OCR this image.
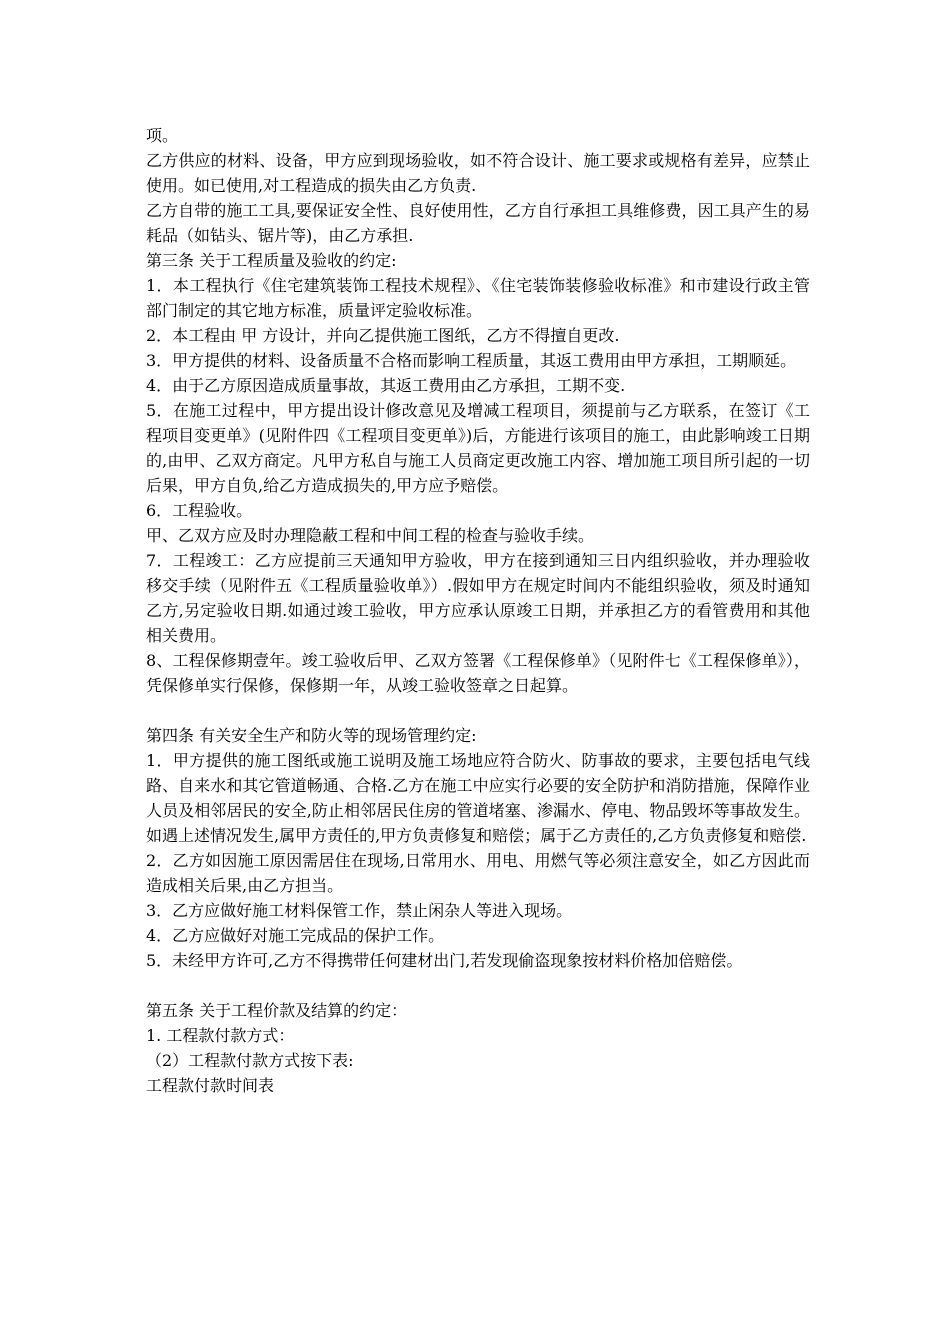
项。

乙方供应的材料、设备，甲方应到现场验收，如不符合设计、施工要求或规格有差异，应禁止使用。如已使用,对工程造成的损失由乙方负责.

乙方自带的施工工具,要保证安全性、良好使用性，乙方自行承担工具维修费，因工具产生的易耗品（如钻头、锯片等)，由乙方承担.

第三条 关于工程质量及验收的约定:

1．本工程执行《住宅建筑装饰工程技术规程》、《住宅装饰装修验收标准》和市建设行政主管部门制定的其它地方标准，质量评定验收标准。

2．本工程由 甲 方设计，并向乙提供施工图纸，乙方不得擅自更改.

3．甲方提供的材料、设备质量不合格而影响工程质量，其返工费用由甲方承担，工期顺延。

4．由于乙方原因造成质量事故，其返工费用由乙方承担，工期不变.

5．在施工过程中，甲方提出设计修改意见及增减工程项目，须提前与乙方联系，在签订《工程项目变更单》(见附件四《工程项目变更单》)后，方能进行该项目的施工，由此影响竣工日期的,由甲、乙双方商定。凡甲方私自与施工人员商定更改施工内容、增加施工项目所引起的一切后果，甲方自负,给乙方造成损失的,甲方应予赔偿。

6．工程验收。

甲、乙双方应及时办理隐蔽工程和中间工程的检查与验收手续。

7．工程竣工：乙方应提前三天通知甲方验收，甲方在接到通知三日内组织验收，并办理验收移交手续（见附件五《工程质量验收单》）.假如甲方在规定时间内不能组织验收，须及时通知乙方,另定验收日期.如通过竣工验收，甲方应承认原竣工日期，并承担乙方的看管费用和其他相关费用。

8、工程保修期壹年。竣工验收后甲、乙双方签署《工程保修单》（见附件七《工程保修单》），凭保修单实行保修，保修期一年，从竣工验收签章之日起算。

第四条 有关安全生产和防火等的现场管理约定:

1．甲方提供的施工图纸或施工说明及施工场地应符合防火、防事故的要求，主要包括电气线路、自来水和其它管道畅通、合格.乙方在施工中应实行必要的安全防护和消防措施，保障作业人员及相邻居民的安全,防止相邻居民住房的管道堵塞、渗漏水、停电、物品毁坏等事故发生。如遇上述情况发生,属甲方责任的,甲方负责修复和赔偿；属于乙方责任的,乙方负责修复和赔偿.

2．乙方如因施工原因需居住在现场,日常用水、用电、用燃气等必须注意安全，如乙方因此而造成相关后果,由乙方担当。

3．乙方应做好施工材料保管工作，禁止闲杂人等进入现场。

4．乙方应做好对施工完成品的保护工作。

5．未经甲方许可,乙方不得携带任何建材出门,若发现偷盗现象按材料价格加倍赔偿。

第五条 关于工程价款及结算的约定：

1. 工程款付款方式：

（2）工程款付款方式按下表:

工程款付款时间表
